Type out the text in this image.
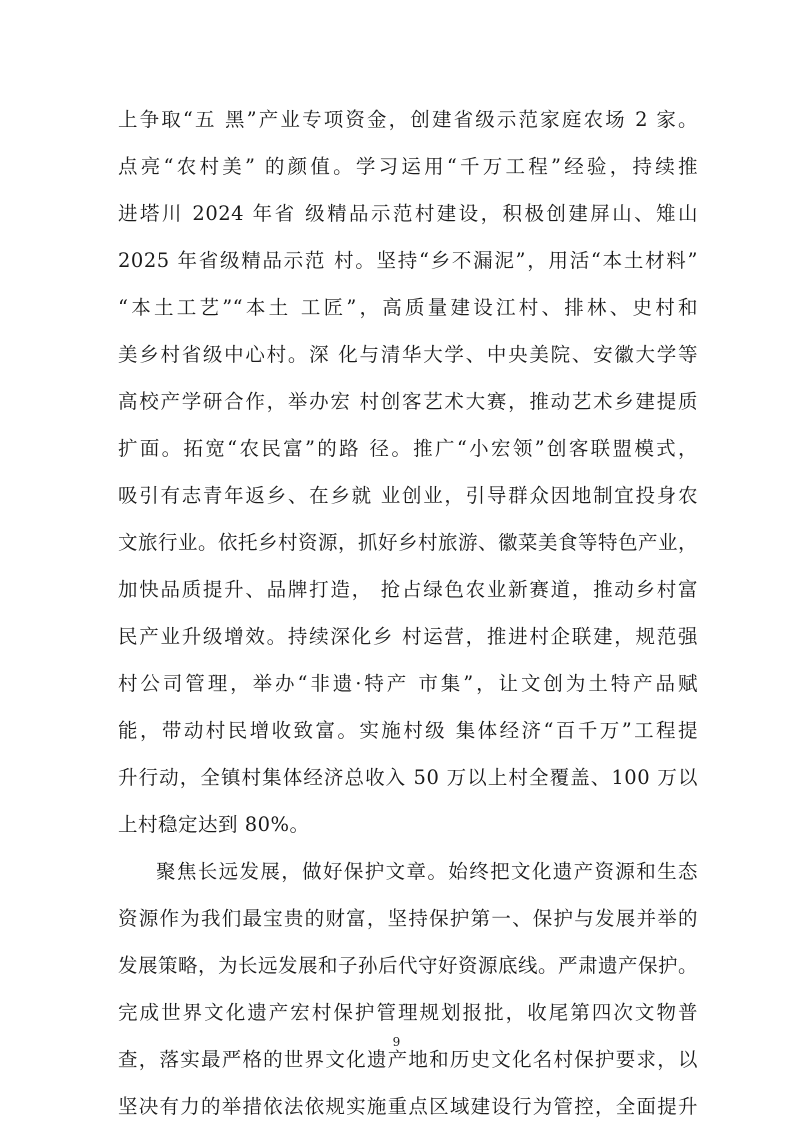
上争取“五 黑”产业专项资金，创建省级示范家庭农场 2 家。
点亮“农村美” 的颜值。学习运用“千万工程”经验，持续推
进塔川 2024 年省 级精品示范村建设，积极创建屏山、雉山
2025 年省级精品示范 村。坚持“乡不漏泥”，用活“本土材料”
“本土工艺”“本土 工匠”，高质量建设江村、排林、史村和
美乡村省级中心村。深 化与清华大学、中央美院、安徽大学等
高校产学研合作，举办宏 村创客艺术大赛，推动艺术乡建提质
扩面。拓宽“农民富”的路 径。推广“小宏领”创客联盟模式，
吸引有志青年返乡、在乡就 业创业，引导群众因地制宜投身农
文旅行业。依托乡村资源，抓好乡村旅游、徽菜美食等特色产业，
加快品质提升、品牌打造， 抢占绿色农业新赛道，推动乡村富
民产业升级增效。持续深化乡 村运营，推进村企联建，规范强
村公司管理，举办“非遗·特产 市集”，让文创为土特产品赋
能，带动村民增收致富。实施村级 集体经济“百千万”工程提
升行动，全镇村集体经济总收入 50 万以上村全覆盖、100 万以
上村稳定达到 80%。
聚焦长远发展，做好保护文章。始终把文化遗产资源和生态
资源作为我们最宝贵的财富，坚持保护第一、保护与发展并举的
发展策略，为长远发展和子孙后代守好资源底线。严肃遗产保护。
完成世界文化遗产宏村保护管理规划报批，收尾第四次文物普
查，落实最严格的世界文化遗产地和历史文化名村保护要求，以
坚决有力的举措依法依规实施重点区域建设行为管控，全面提升
9
